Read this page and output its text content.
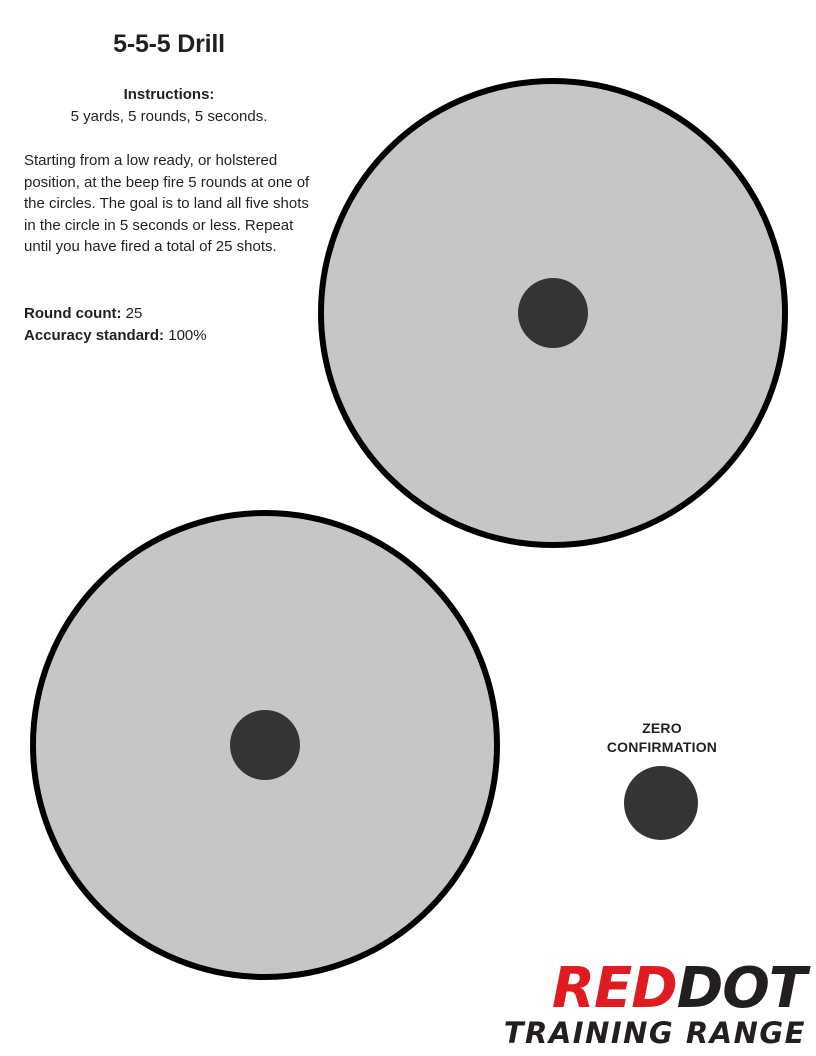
5-5-5 Drill
Instructions:
5 yards, 5 rounds, 5 seconds.
Starting from a low ready, or holstered position, at the beep fire 5 rounds at one of the circles. The goal is to land all five shots in the circle in 5 seconds or less. Repeat until you have fired a total of 25 shots.
Round count: 25
Accuracy standard: 100%
ZERO
CONFIRMATION
REDDOT
TRAINING RANGE
